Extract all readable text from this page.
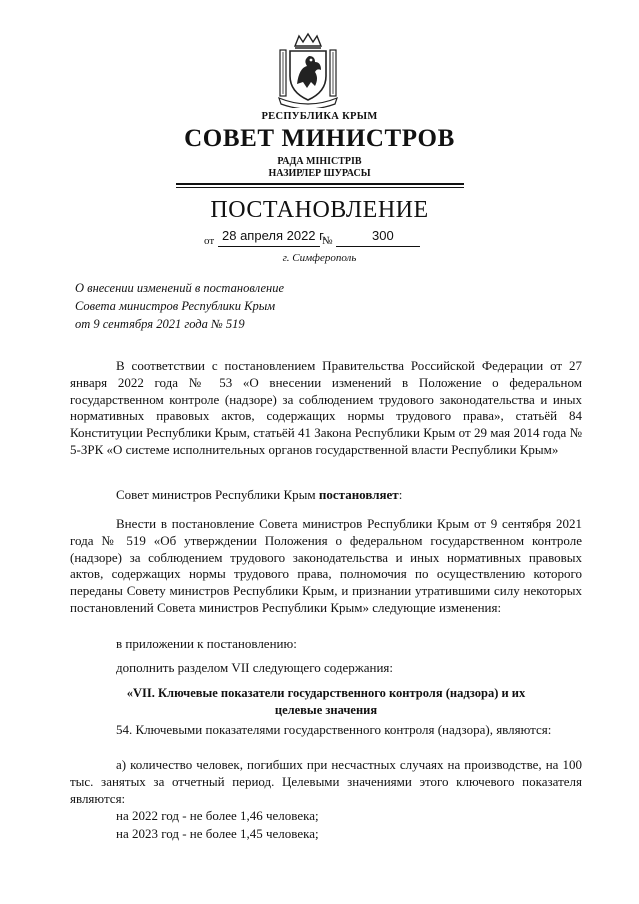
РЕСПУБЛИКА КРЫМ
СОВЕТ МИНИСТРОВ
РАДА МІНІСТРІВ
НАЗИРЛЕР ШУРАСЫ
ПОСТАНОВЛЕНИЕ
от 28 апреля 2022 г.
№	300
г. Симферополь
О внесении изменений в постановление
Совета министров Республики Крым
от 9 сентября 2021 года № 519
В соответствии с постановлением Правительства Российской Федерации от 27 января 2022 года № 53 «О внесении изменений в Положение о федеральном государственном контроле (надзоре) за соблюдением трудового законодательства и иных нормативных правовых актов, содержащих нормы трудового права», статьёй 84 Конституции Республики Крым, статьёй 41 Закона Республики Крым от 29 мая 2014 года № 5-ЗРК «О системе исполнительных органов государственной власти Республики Крым»
Совет министров Республики Крым постановляет:
Внести в постановление Совета министров Республики Крым от 9 сентября 2021 года № 519 «Об утверждении Положения о федеральном государственном контроле (надзоре) за соблюдением трудового законодательства и иных нормативных правовых актов, содержащих нормы трудового права, полномочия по осуществлению которого переданы Совету министров Республики Крым, и признании утратившими силу некоторых постановлений Совета министров Республики Крым» следующие изменения:
в приложении к постановлению:
дополнить разделом VII следующего содержания:
«VII. Ключевые показатели государственного контроля (надзора) и их
целевые значения
54. Ключевыми показателями государственного контроля (надзора), являются:
а) количество человек, погибших при несчастных случаях на производстве, на 100 тыс. занятых за отчетный период. Целевыми значениями этого ключевого показателя являются:
на 2022 год - не более 1,46 человека;
на 2023 год - не более 1,45 человека;
